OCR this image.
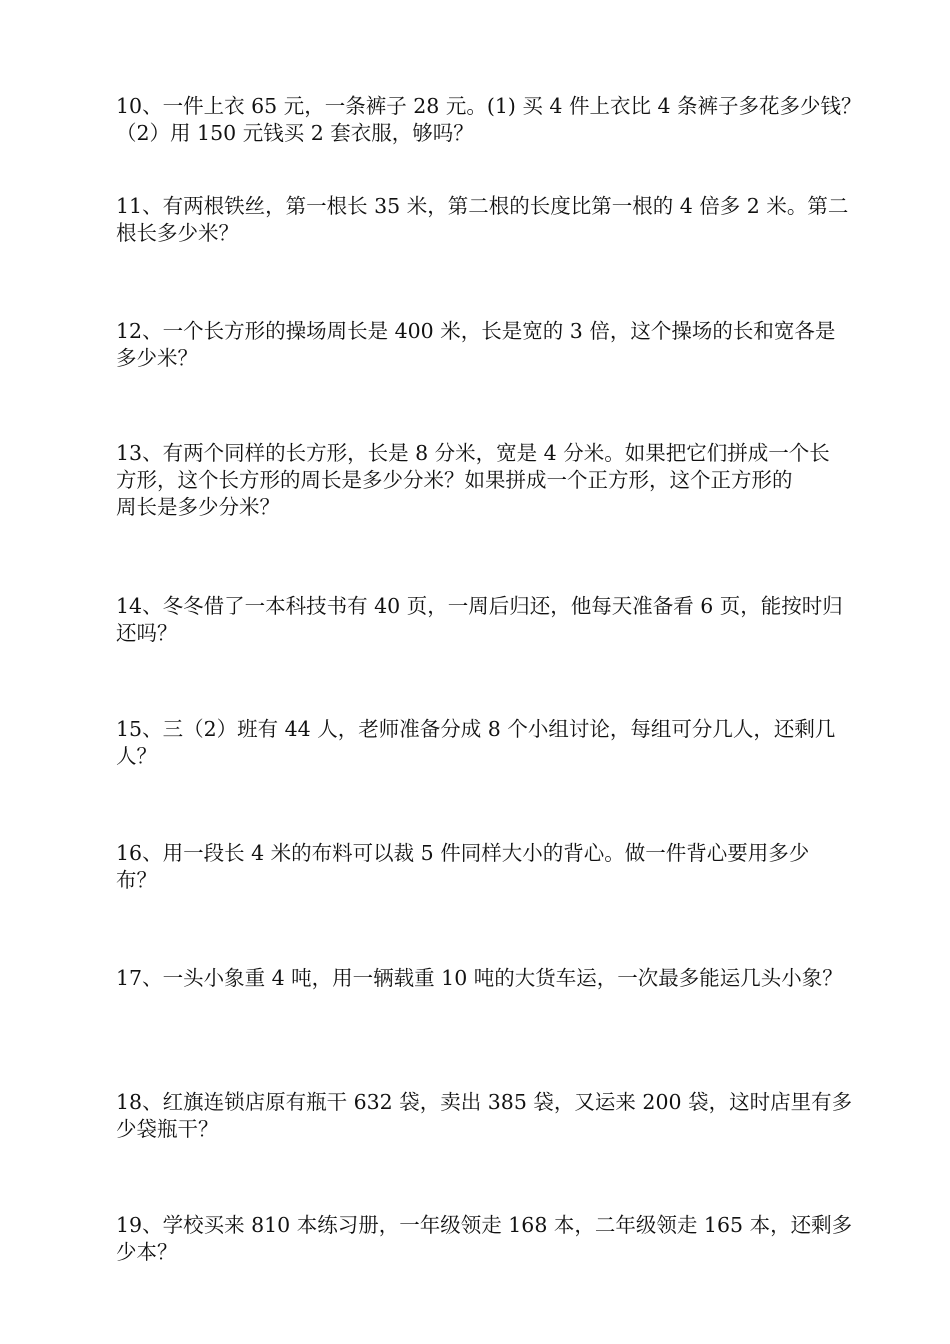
10、一件上衣 65 元，一条裤子 28 元。(1) 买 4 件上衣比 4 条裤子多花多少钱？
（2）用 150 元钱买 2 套衣服，够吗？

11、有两根铁丝，第一根长 35 米，第二根的长度比第一根的 4 倍多 2 米。第二
根长多少米？

12、一个长方形的操场周长是 400 米，长是宽的 3 倍，这个操场的长和宽各是
多少米？

13、有两个同样的长方形，长是 8 分米，宽是 4 分米。如果把它们拼成一个长
方形，这个长方形的周长是多少分米？如果拼成一个正方形，这个正方形的
周长是多少分米？

14、冬冬借了一本科技书有 40 页，一周后归还，他每天准备看 6 页，能按时归
还吗？

15、三（2）班有 44 人，老师准备分成 8 个小组讨论，每组可分几人，还剩几人？

16、用一段长 4 米的布料可以裁 5 件同样大小的背心。做一件背心要用多少
布？

17、一头小象重 4 吨，用一辆载重 10 吨的大货车运，一次最多能运几头小象？

18、红旗连锁店原有瓶干 632 袋，卖出 385 袋，又运来 200 袋，这时店里有多
少袋瓶干？

19、学校买来 810 本练习册，一年级领走 168 本，二年级领走 165 本，还剩多
少本？
